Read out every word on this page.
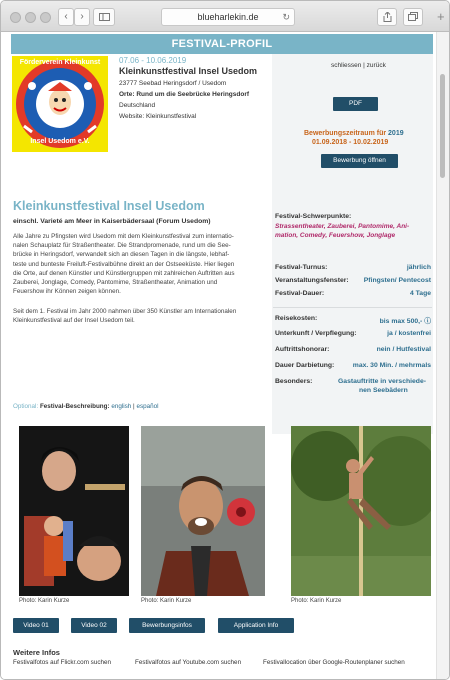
‹	›	blueharlekin.de	↻	+
FESTIVAL-PROFIL
Förderverein Kleinkunst
Insel Usedom e.V.
07.06 - 10.06.2019
Kleinkunstfestival Insel Usedom
23777 Seebad Heringsdorf / Usedom
Orte: Rund um die Seebrücke Heringsdorf
Deutschland
Website: Kleinkunstfestival
schliessen | zurück
PDF
Bewerbungszeitraum für 2019
01.09.2018 - 10.02.2019
Bewerbung öffnen
Kleinkunstfestival Insel Usedom
einschl. Varieté am Meer in Kaiserbädersaal (Forum Usedom)
Alle Jahre zu Pfingsten wird Usedom mit dem Kleinkunstfestival zum internatio-
nalen Schauplatz für Straßentheater. Die Strandpromenade, rund um die See-
brücke in Heringsdorf, verwandelt sich an diesen Tagen in die längste, lebhaf-
teste und bunteste Freiluft-Festivalbühne direkt an der Ostseeküste. Hier liegen
die Orte, auf denen Künstler und Künstlergruppen mit zahlreichen Auftritten aus
Zauberei, Jonglage, Comedy, Pantomime, Straßentheater, Animation und
Feuershow ihr Können zeigen können.
Seit dem 1. Festival im Jahr 2000 nahmen über 350 Künstler am Internationalen
Kleinkunstfestival auf der Insel Usedom teil.
Optional: Festival-Beschreibung: english | español
Festival-Schwerpunkte:
Strassentheater, Zauberei, Pantomime, Ani-
mation, Comedy, Feuershow, Jonglage
Festival-Turnus:	jährlich
Veranstaltungsfenster: Pfingsten/ Pentecost
Festival-Dauer:	4 Tage
Reisekosten:	bis max 500,- ⓘ
Unterkunft / Verpflegung:	ja / kostenfrei
Auftrittshonorar:	nein / Hutfestival
Dauer Darbietung:	max. 30 Min. / mehrmals
Besonders:	Gastauftritte in verschiede-
nen Seebädern
Photo: Karin Kurze	Photo: Karin Kurze	Photo: Karin Kurze
Video 01	Video 02	Bewerbungsinfos	Application Info
Weitere Infos
Festivalfotos auf Flickr.com suchen	Festivalfotos auf Youtube.com suchen	Festivallocation über Google-Routenplaner suchen
